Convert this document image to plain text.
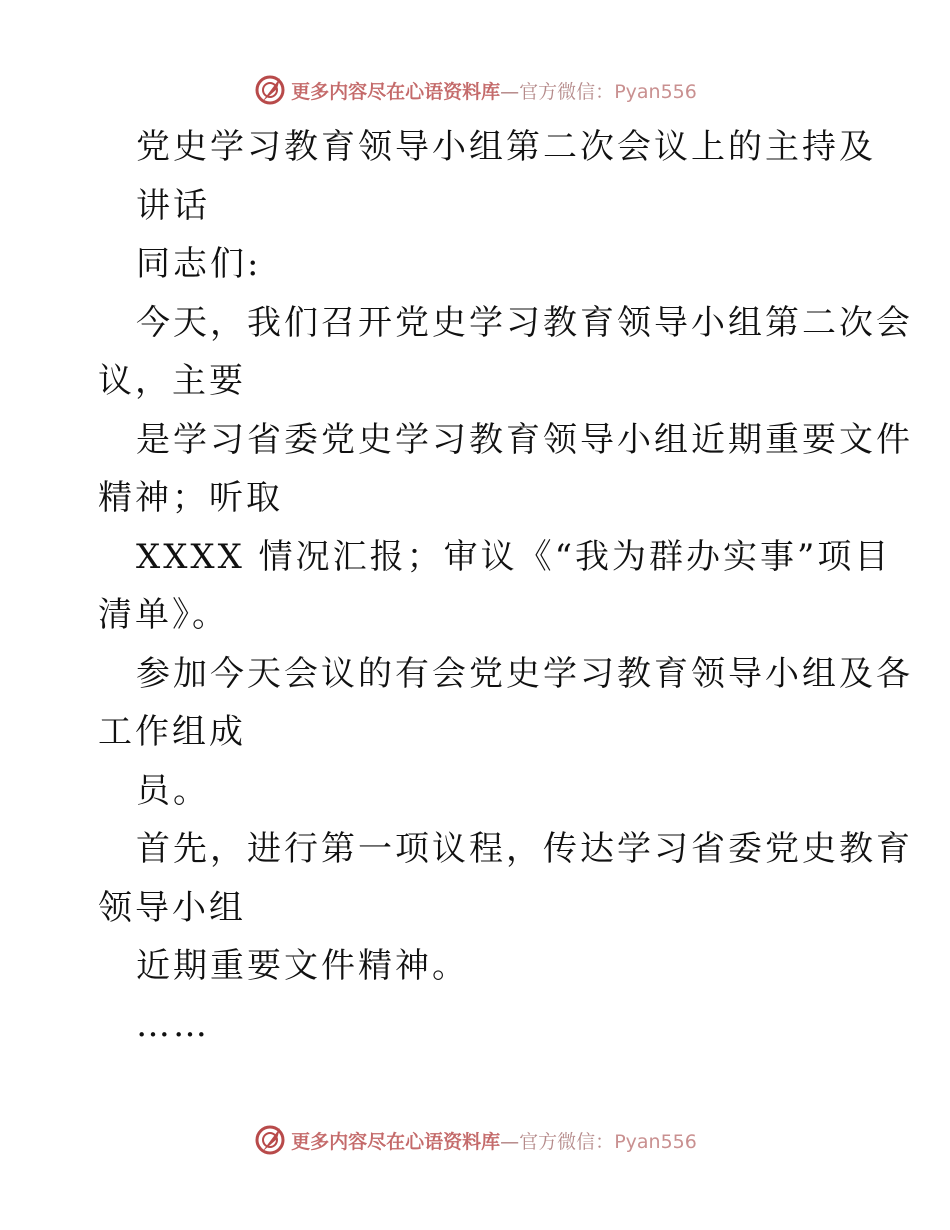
更多内容尽在心语资料库—官方微信：Pyan556
党史学习教育领导小组第二次会议上的主持及
讲话
同志们:
今天，我们召开党史学习教育领导小组第二次会
议，主要
是学习省委党史学习教育领导小组近期重要文件
精神；听取
XXXX 情况汇报；审议《“我为群办实事”项目
清单》。
参加今天会议的有会党史学习教育领导小组及各
工作组成
员。
首先，进行第一项议程，传达学习省委党史教育
领导小组
近期重要文件精神。
……
更多内容尽在心语资料库—官方微信：Pyan556
